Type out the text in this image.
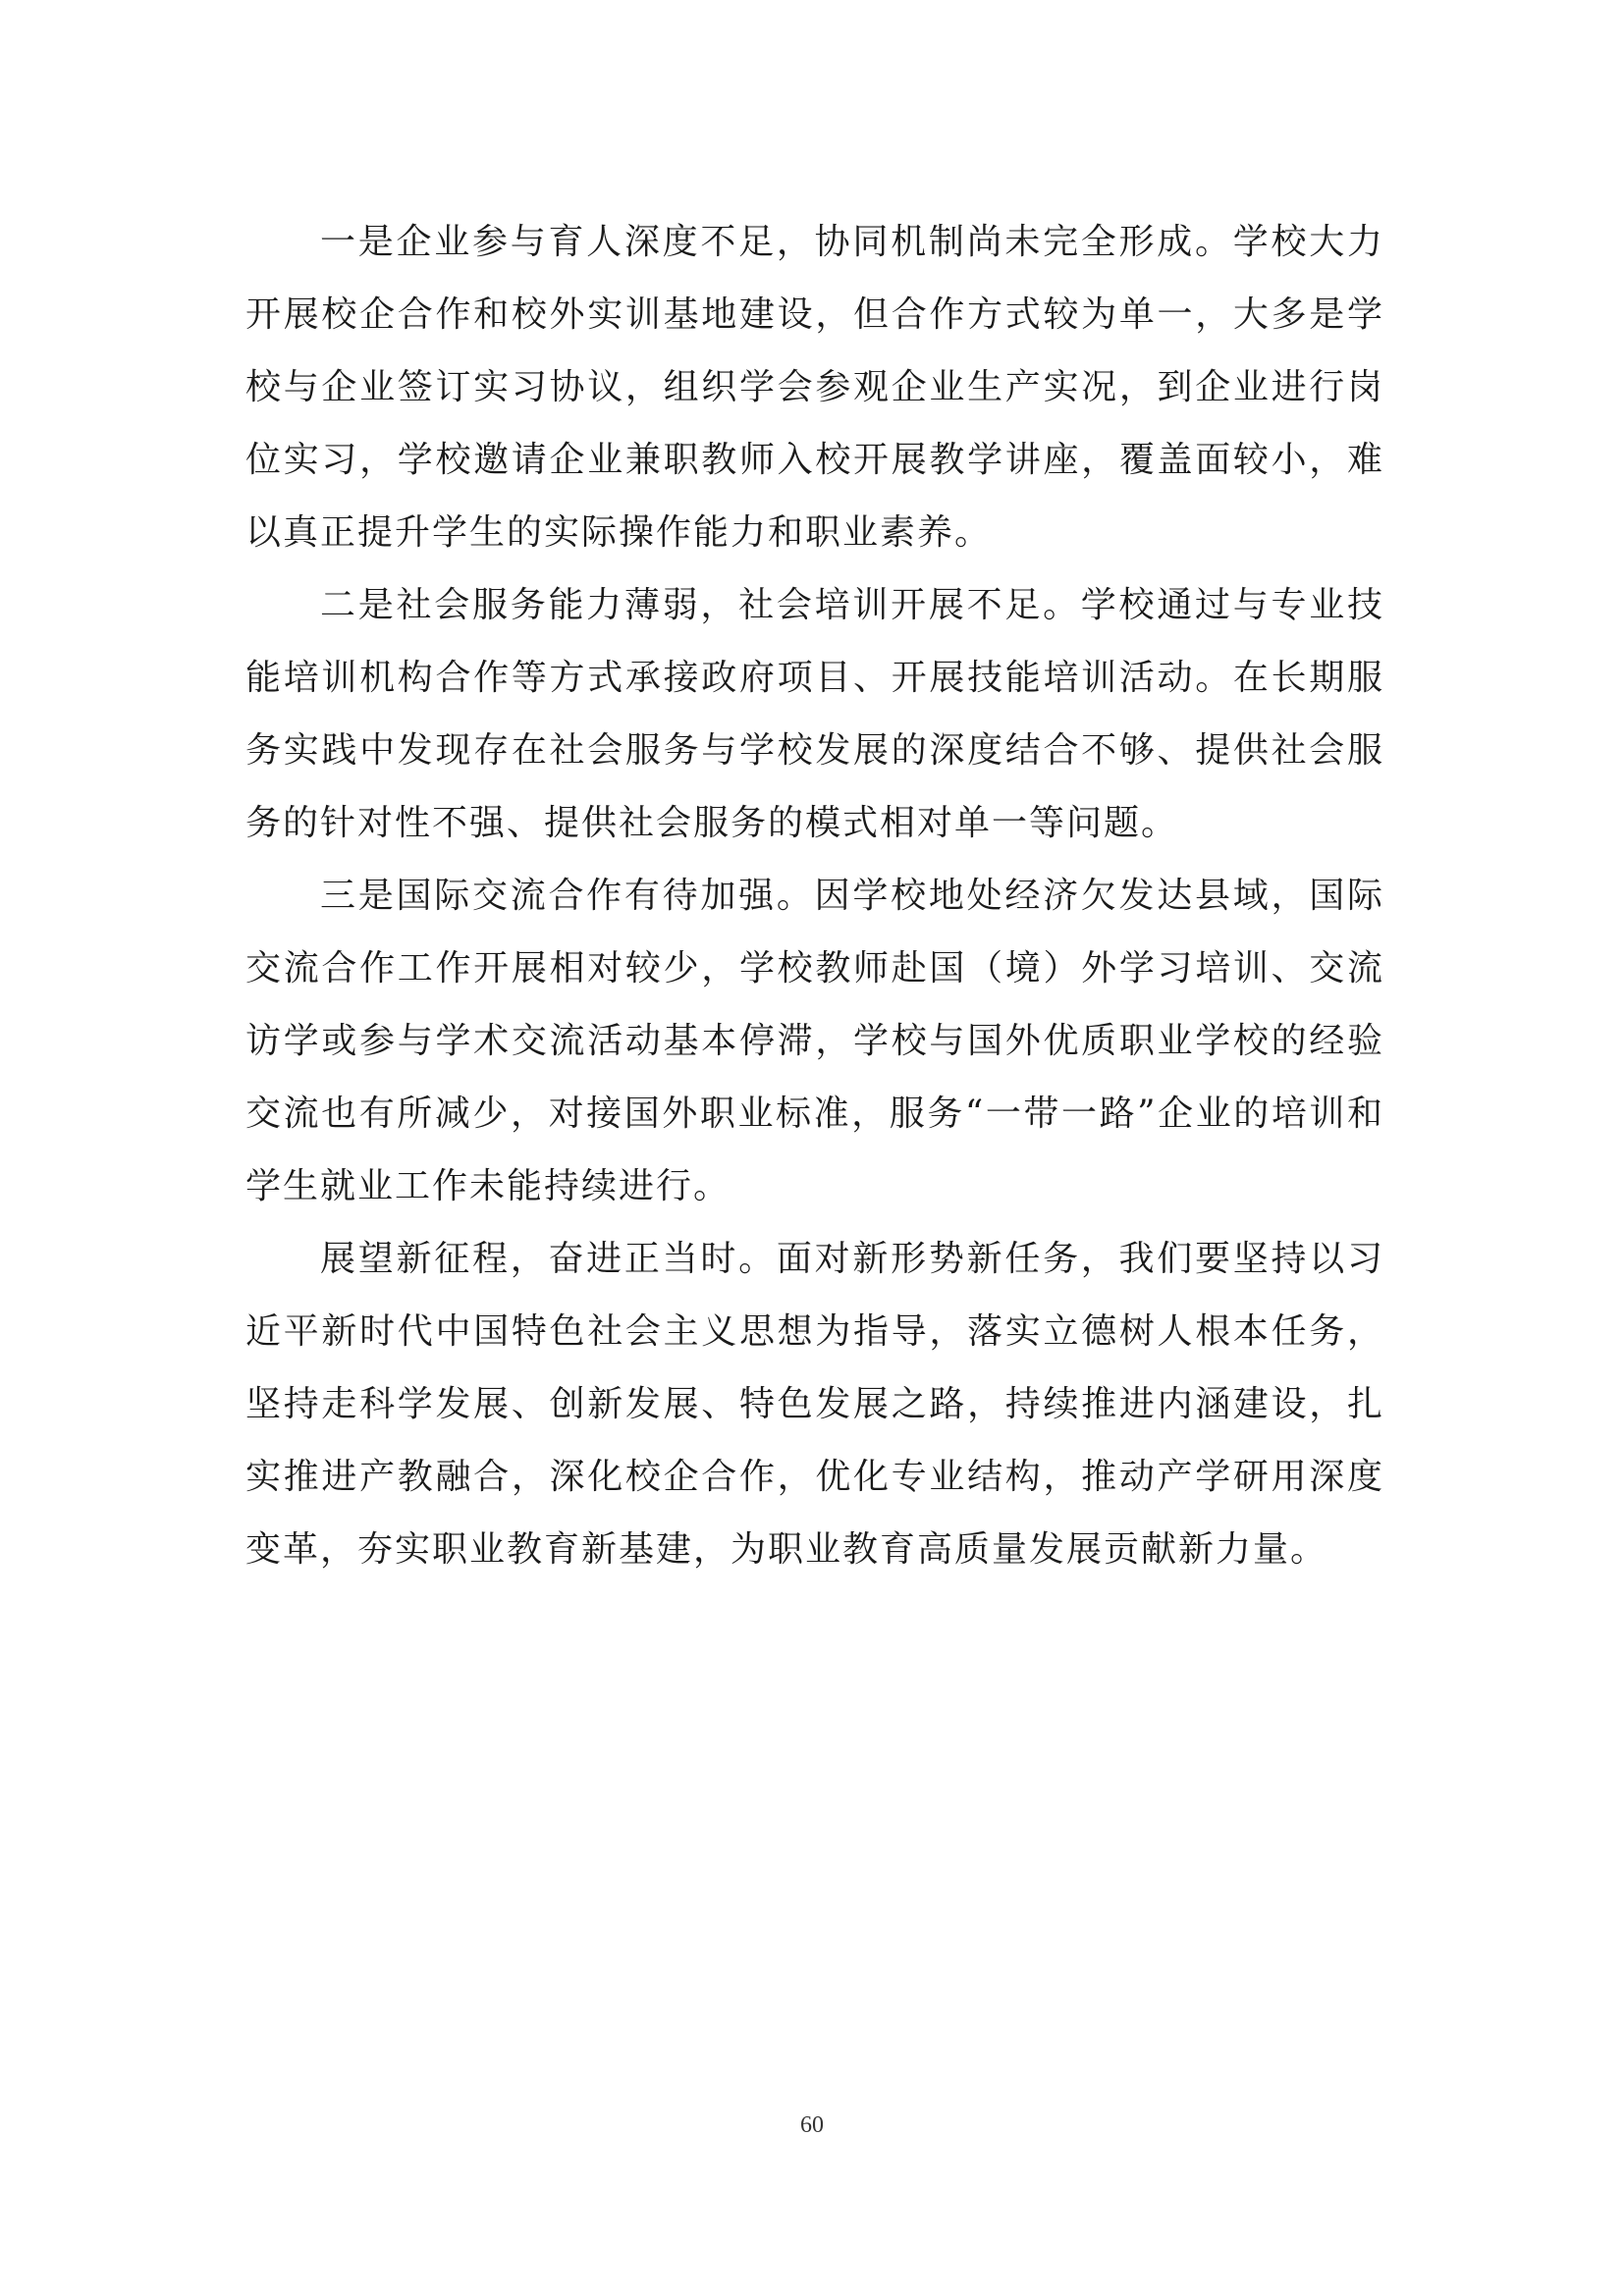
一是企业参与育人深度不足，协同机制尚未完全形成。学校大力开展校企合作和校外实训基地建设，但合作方式较为单一，大多是学校与企业签订实习协议，组织学会参观企业生产实况，到企业进行岗位实习，学校邀请企业兼职教师入校开展教学讲座，覆盖面较小，难以真正提升学生的实际操作能力和职业素养。

二是社会服务能力薄弱，社会培训开展不足。学校通过与专业技能培训机构合作等方式承接政府项目、开展技能培训活动。在长期服务实践中发现存在社会服务与学校发展的深度结合不够、提供社会服务的针对性不强、提供社会服务的模式相对单一等问题。

三是国际交流合作有待加强。因学校地处经济欠发达县域，国际交流合作工作开展相对较少，学校教师赴国（境）外学习培训、交流访学或参与学术交流活动基本停滞，学校与国外优质职业学校的经验交流也有所减少，对接国外职业标准，服务“一带一路”企业的培训和学生就业工作未能持续进行。

展望新征程，奋进正当时。面对新形势新任务，我们要坚持以习近平新时代中国特色社会主义思想为指导，落实立德树人根本任务，坚持走科学发展、创新发展、特色发展之路，持续推进内涵建设，扎实推进产教融合，深化校企合作，优化专业结构，推动产学研用深度变革，夯实职业教育新基建，为职业教育高质量发展贡献新力量。

60
